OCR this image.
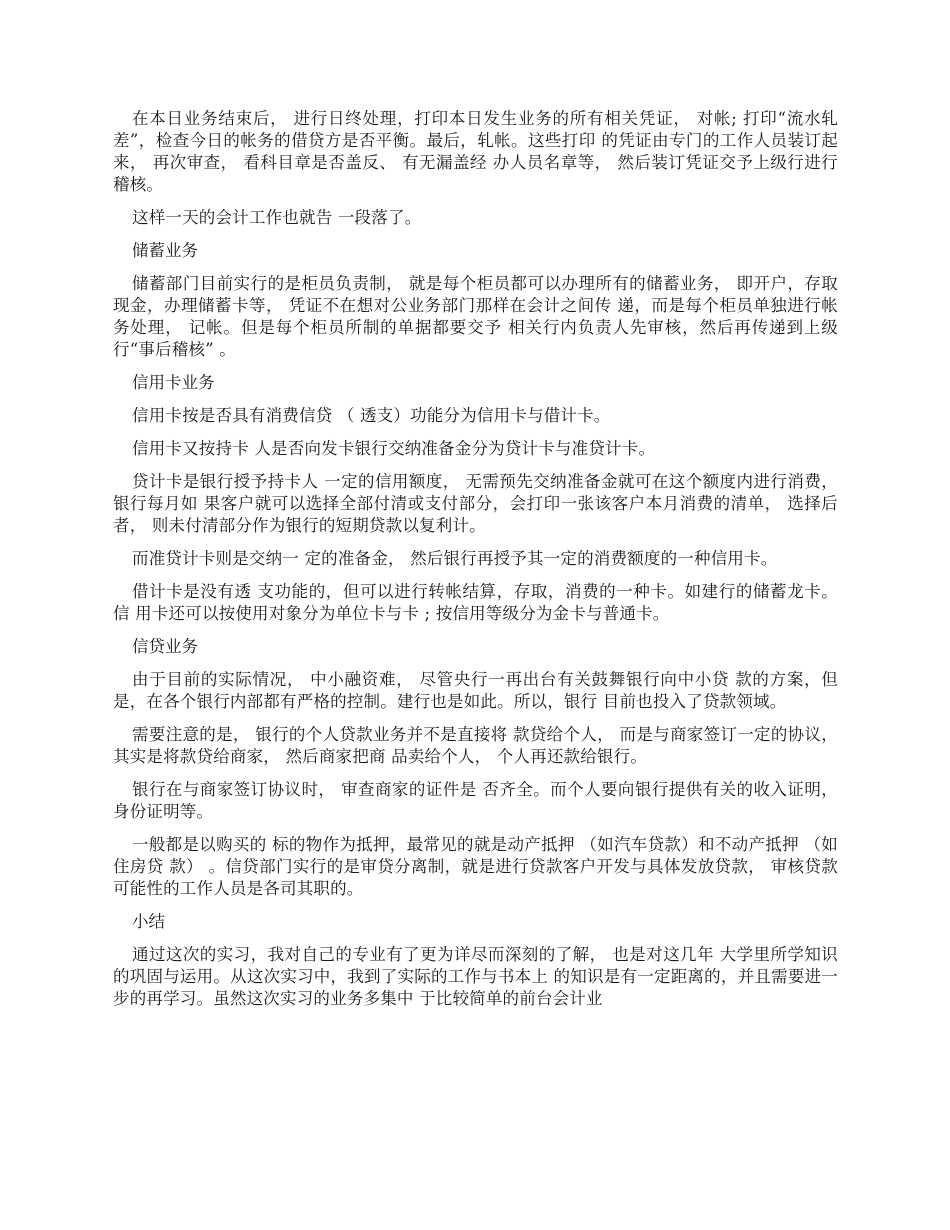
在本日业务结束后， 进行日终处理，打印本日发生业务的所有相关凭证， 对帐; 打印“流水轧差”，检查今日的帐务的借贷方是否平衡。最后，轧帐。这些打印 的凭证由专门的工作人员装订起来， 再次审查， 看科目章是否盖反、 有无漏盖经 办人员名章等， 然后装订凭证交予上级行进行稽核。

这样一天的会计工作也就告 一段落了。

储蓄业务

储蓄部门目前实行的是柜员负责制， 就是每个柜员都可以办理所有的储蓄业务， 即开户，存取现金，办理储蓄卡等， 凭证不在想对公业务部门那样在会计之间传 递，而是每个柜员单独进行帐务处理， 记帐。但是每个柜员所制的单据都要交予 相关行内负责人先审核，然后再传递到上级行“事后稽核” 。

信用卡业务

信用卡按是否具有消费信贷 （ 透支）功能分为信用卡与借计卡。

信用卡又按持卡 人是否向发卡银行交纳准备金分为贷计卡与准贷计卡。

贷计卡是银行授予持卡人 一定的信用额度， 无需预先交纳准备金就可在这个额度内进行消费， 银行每月如 果客户就可以选择全部付清或支付部分，会打印一张该客户本月消费的清单， 选择后者， 则未付清部分作为银行的短期贷款以复利计。

而准贷计卡则是交纳一 定的准备金， 然后银行再授予其一定的消费额度的一种信用卡。

借计卡是没有透 支功能的，但可以进行转帐结算，存取，消费的一种卡。如建行的储蓄龙卡。信 用卡还可以按使用对象分为单位卡与卡 ; 按信用等级分为金卡与普通卡。

信贷业务

由于目前的实际情况， 中小融资难， 尽管央行一再出台有关鼓舞银行向中小贷 款的方案，但是，在各个银行内部都有严格的控制。建行也是如此。所以，银行 目前也投入了贷款领域。

需要注意的是， 银行的个人贷款业务并不是直接将 款贷给个人， 而是与商家签订一定的协议， 其实是将款贷给商家， 然后商家把商 品卖给个人， 个人再还款给银行。

银行在与商家签订协议时， 审查商家的证件是 否齐全。而个人要向银行提供有关的收入证明， 身份证明等。

一般都是以购买的 标的物作为抵押，最常见的就是动产抵押 （如汽车贷款）和不动产抵押 （如住房贷 款） 。信贷部门实行的是审贷分离制，就是进行贷款客户开发与具体发放贷款， 审核贷款可能性的工作人员是各司其职的。

小结

通过这次的实习，我对自己的专业有了更为详尽而深刻的了解， 也是对这几年 大学里所学知识的巩固与运用。从这次实习中，我到了实际的工作与书本上 的知识是有一定距离的，并且需要进一步的再学习。虽然这次实习的业务多集中 于比较简单的前台会计业
